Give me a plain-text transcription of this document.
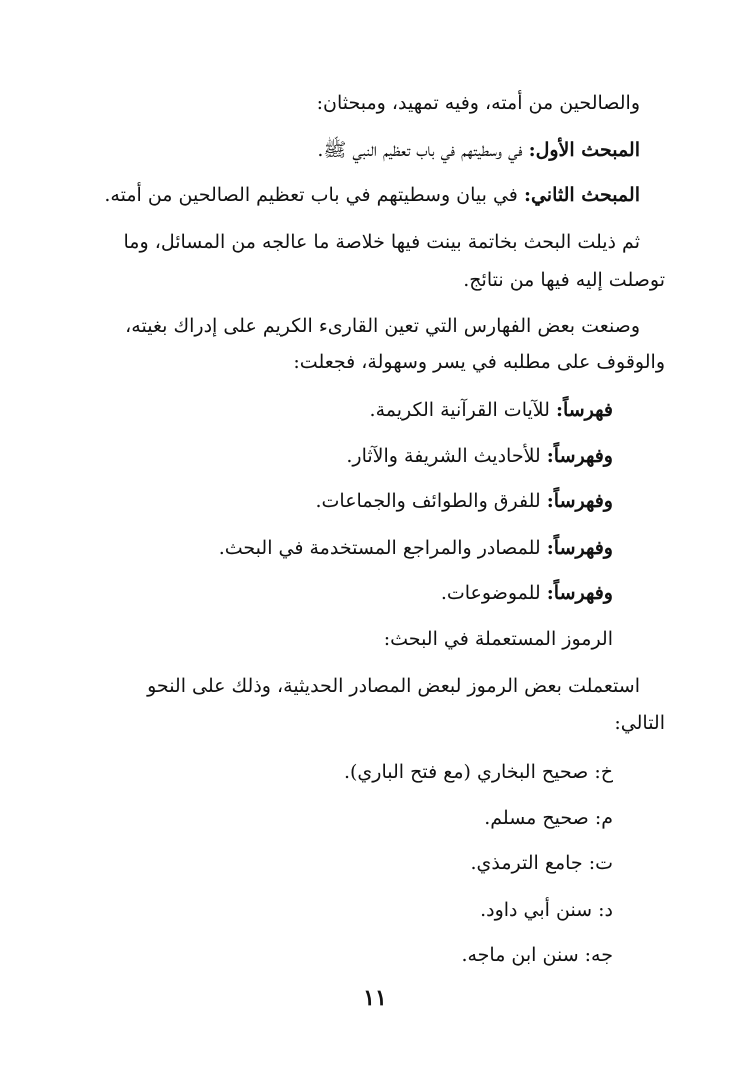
والصالحين من أمته، وفيه تمهيد، ومبحثان:
المبحث الأول: في وسطيتهم في باب تعظيم النبي ﷺ.
المبحث الثاني: في بيان وسطيتهم في باب تعظيم الصالحين من أمته.
ثم ذيلت البحث بخاتمة بينت فيها خلاصة ما عالجه من المسائل، وما
توصلت إليه فيها من نتائج.
وصنعت بعض الفهارس التي تعين القارىء الكريم على إدراك بغيته،
والوقوف على مطلبه في يسر وسهولة، فجعلت:
فهرساً: للآيات القرآنية الكريمة.
وفهرساً: للأحاديث الشريفة والآثار.
وفهرساً: للفرق والطوائف والجماعات.
وفهرساً: للمصادر والمراجع المستخدمة في البحث.
وفهرساً: للموضوعات.
الرموز المستعملة في البحث:
استعملت بعض الرموز لبعض المصادر الحديثية، وذلك على النحو
التالي:
خ: صحيح البخاري (مع فتح الباري).
م: صحيح مسلم.
ت: جامع الترمذي.
د: سنن أبي داود.
جه: سنن ابن ماجه.
١١
